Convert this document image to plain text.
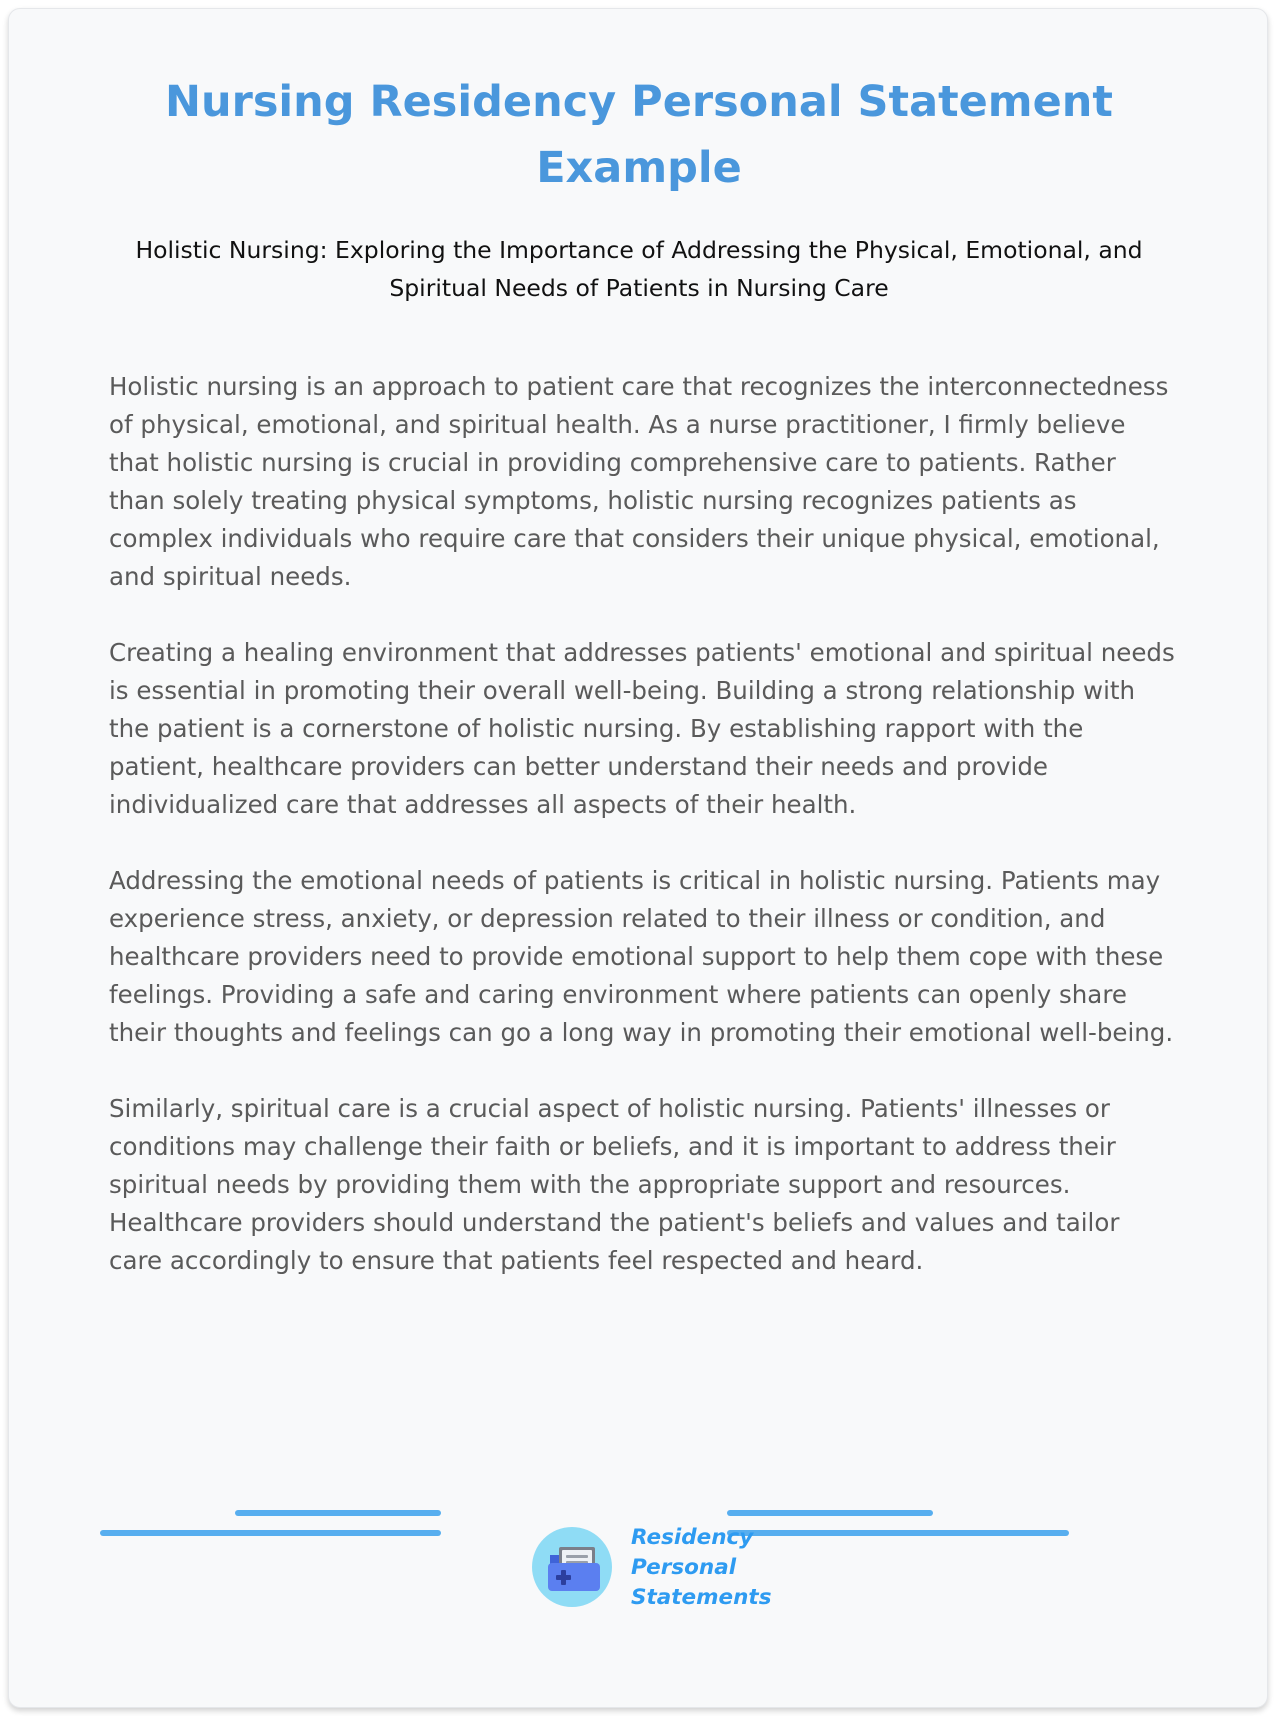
Nursing Residency Personal Statement Example
Holistic Nursing: Exploring the Importance of Addressing the Physical, Emotional, and Spiritual Needs of Patients in Nursing Care

Holistic nursing is an approach to patient care that recognizes the interconnectedness of physical, emotional, and spiritual health. As a nurse practitioner, I firmly believe that holistic nursing is crucial in providing comprehensive care to patients. Rather than solely treating physical symptoms, holistic nursing recognizes patients as complex individuals who require care that considers their unique physical, emotional, and spiritual needs.

Creating a healing environment that addresses patients' emotional and spiritual needs is essential in promoting their overall well-being. Building a strong relationship with the patient is a cornerstone of holistic nursing. By establishing rapport with the patient, healthcare providers can better understand their needs and provide individualized care that addresses all aspects of their health.

Addressing the emotional needs of patients is critical in holistic nursing. Patients may experience stress, anxiety, or depression related to their illness or condition, and healthcare providers need to provide emotional support to help them cope with these feelings. Providing a safe and caring environment where patients can openly share their thoughts and feelings can go a long way in promoting their emotional well-being.

Similarly, spiritual care is a crucial aspect of holistic nursing. Patients' illnesses or conditions may challenge their faith or beliefs, and it is important to address their spiritual needs by providing them with the appropriate support and resources. Healthcare providers should understand the patient's beliefs and values and tailor care accordingly to ensure that patients feel respected and heard.

Residency
Personal
Statements
